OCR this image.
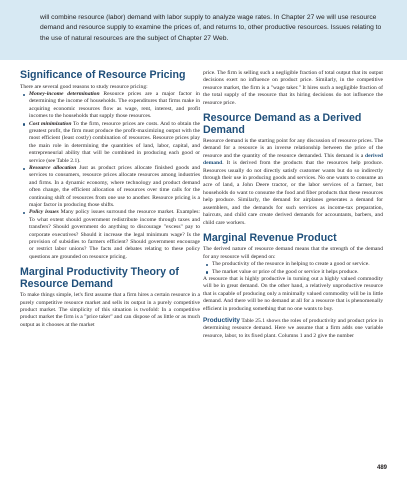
will combine resource (labor) demand with labor supply to analyze wage rates. In Chapter 27 we will use resource demand and resource supply to examine the prices of, and returns to, other productive resources. Issues relating to the use of natural resources are the subject of Chapter 27 Web.

Significance of Resource Pricing

There are several good reasons to study resource pricing:

Money-income determination Resource prices are a major factor in determining the income of households. The expenditures that firms make in acquiring economic resources flow as wage, rent, interest, and profit incomes to the households that supply those resources.
Cost minimization To the firm, resource prices are costs. And to obtain the greatest profit, the firm must produce the profit-maximizing output with the most efficient (least costly) combination of resources. Resource prices play the main role in determining the quantities of land, labor, capital, and entrepreneurial ability that will be combined in producing each good or service (see Table 2.1).
Resource allocation Just as product prices allocate finished goods and services to consumers, resource prices allocate resources among industries and firms. In a dynamic economy, where technology and product demand often change, the efficient allocation of resources over time calls for the continuing shift of resources from one use to another. Resource pricing is a major factor in producing those shifts.
Policy issues Many policy issues surround the resource market. Examples: To what extent should government redistribute income through taxes and transfers? Should government do anything to discourage "excess" pay to corporate executives? Should it increase the legal minimum wage? Is the provision of subsidies to farmers efficient? Should government encourage or restrict labor unions? The facts and debates relating to these policy questions are grounded on resource pricing.
Marginal Productivity Theory of Resource Demand

To make things simple, let's first assume that a firm hires a certain resource in a purely competitive resource market and sells its output in a purely competitive product market. The simplicity of this situation is twofold: In a competitive product market the firm is a "price taker" and can dispose of as little or as much output as it chooses at the market

price. The firm is selling such a negligible fraction of total output that its output decisions exert no influence on product price. Similarly, in the competitive resource market, the firm is a "wage taker." It hires such a negligible fraction of the total supply of the resource that its hiring decisions do not influence the resource price.

Resource Demand as a Derived Demand

Resource demand is the starting point for any discussion of resource prices. The demand for a resource is an inverse relationship between the price of the resource and the quantity of the resource demanded. This demand is a derived demand. It is derived from the products that the resources help produce. Resources usually do not directly satisfy customer wants but do so indirectly through their use in producing goods and services. No one wants to consume an acre of land, a John Deere tractor, or the labor services of a farmer, but households do want to consume the food and fiber products that these resources help produce. Similarly, the demand for airplanes generates a demand for assemblers, and the demands for such services as income-tax preparation, haircuts, and child care create derived demands for accountants, barbers, and child care workers.

Marginal Revenue Product

The derived nature of resource demand means that the strength of the demand for any resource will depend on:

The productivity of the resource in helping to create a good or service.
The market value or price of the good or service it helps produce.

A resource that is highly productive in turning out a highly valued commodity will be in great demand. On the other hand, a relatively unproductive resource that is capable of producing only a minimally valued commodity will be in little demand. And there will be no demand at all for a resource that is phenomenally efficient in producing something that no one wants to buy.

Productivity Table 25.1 shows the roles of productivity and product price in determining resource demand. Here we assume that a firm adds one variable resource, labor, to its fixed plant. Columns 1 and 2 give the number

489
